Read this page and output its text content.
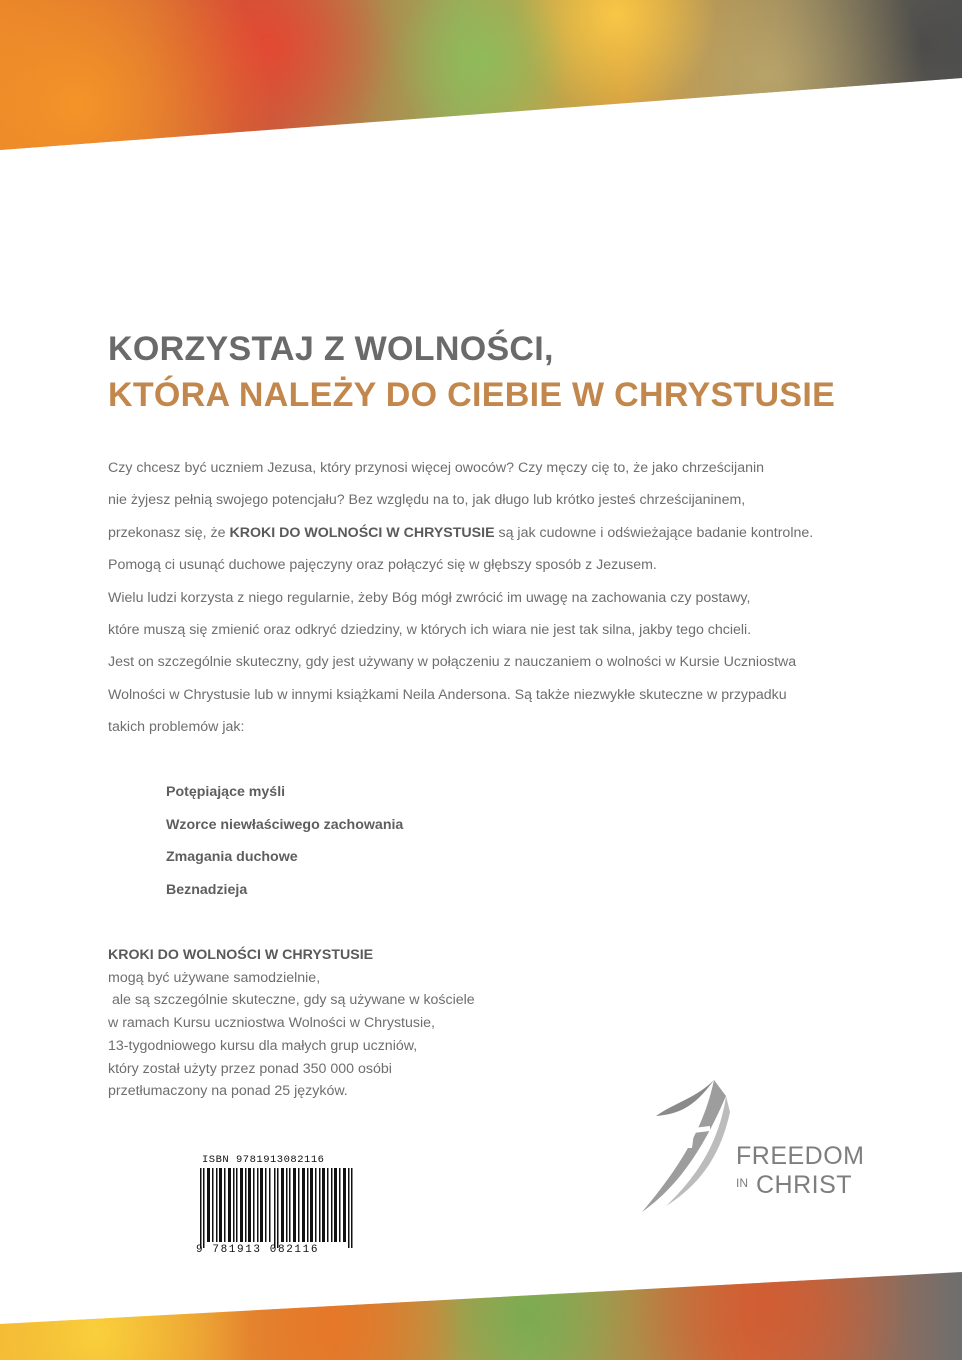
KORZYSTAJ Z WOLNOŚCI,
KTÓRA NALEŻY DO CIEBIE W CHRYSTUSIE

Czy chcesz być uczniem Jezusa, który przynosi więcej owoców? Czy męczy cię to, że jako chrześcijanin

nie żyjesz pełnią swojego potencjału? Bez względu na to, jak długo lub krótko jesteś chrześcijaninem,

przekonasz się, że KROKI DO WOLNOŚCI W CHRYSTUSIE są jak cudowne i odświeżające badanie kontrolne.

Pomogą ci usunąć duchowe pajęczyny oraz połączyć się w głębszy sposób z Jezusem.

Wielu ludzi korzysta z niego regularnie, żeby Bóg mógł zwrócić im uwagę na zachowania czy postawy,

które muszą się zmienić oraz odkryć dziedziny, w których ich wiara nie jest tak silna, jakby tego chcieli.

Jest on szczególnie skuteczny, gdy jest używany w połączeniu z nauczaniem o wolności w Kursie Uczniostwa

Wolności w Chrystusie lub w innymi książkami Neila Andersona. Są także niezwykłe skuteczne w przypadku

takich problemów jak:

Potępiające myśli
Wzorce niewłaściwego zachowania
Zmagania duchowe
Beznadzieja

KROKI DO WOLNOŚCI W CHRYSTUSIE

mogą być używane samodzielnie,

ale są szczególnie skuteczne, gdy są używane w kościele

w ramach Kursu uczniostwa Wolności w Chrystusie,

13-tygodniowego kursu dla małych grup uczniów,

który został użyty przez ponad 350 000 osóbi

przetłumaczony na ponad 25 języków.

ISBN 9781913082116
9 781913 082116
FREEDOM
IN CHRIST
